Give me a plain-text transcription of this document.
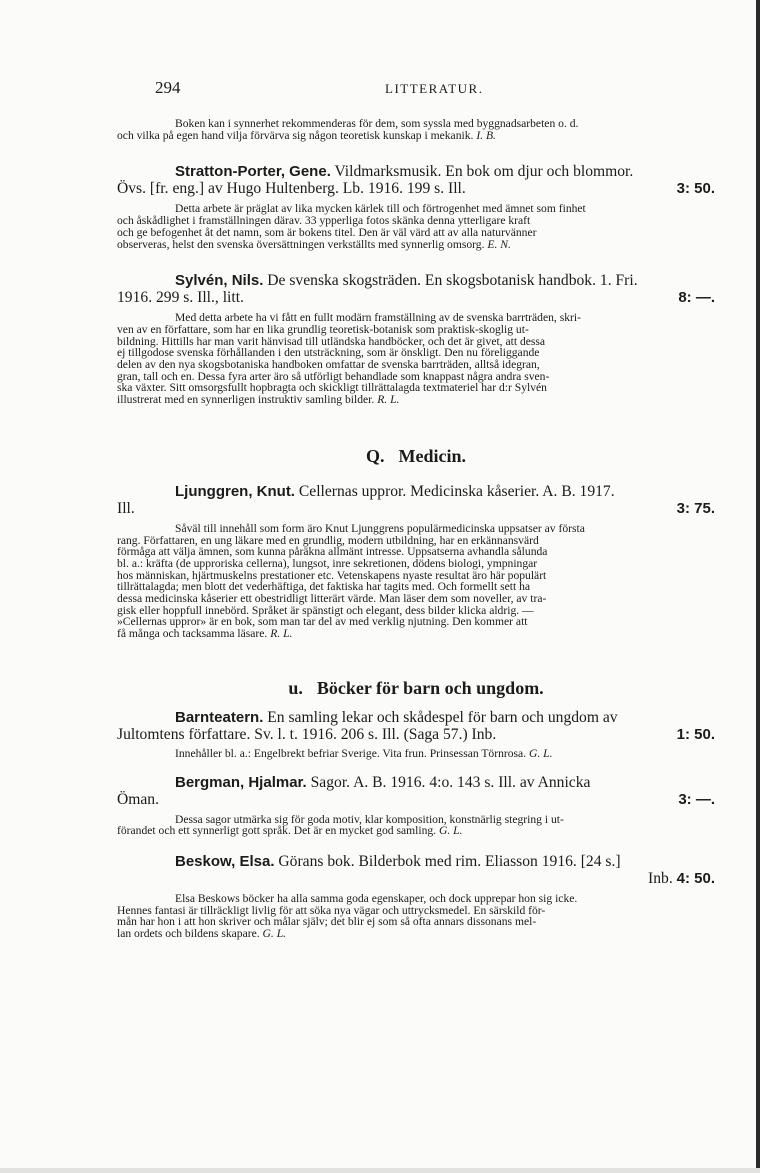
294	LITTERATUR.

Boken kan i synnerhet rekommenderas för dem, som syssla med byggnadsarbeten o. d.

och vilka på egen hand vilja förvärva sig någon teoretisk kunskap i mekanik. I. B.

Stratton-Porter, Gene. Vildmarksmusik. En bok om djur och blommor.

Övs. [fr. eng.] av Hugo Hultenberg. Lb. 1916. 199 s. Ill.	3: 50.

Detta arbete är präglat av lika mycken kärlek till och förtrogenhet med ämnet som finhet

och åskådlighet i framställningen därav. 33 ypperliga fotos skänka denna ytterligare kraft

och ge befogenhet åt det namn, som är bokens titel. Den är väl värd att av alla naturvänner

observeras, helst den svenska översättningen verkställts med synnerlig omsorg. E. N.

Sylvén, Nils. De svenska skogsträden. En skogsbotanisk handbok. 1. Fri.

1916. 299 s. Ill., litt.	8: —.

Med detta arbete ha vi fått en fullt modärn framställning av de svenska barrträden, skri-

ven av en författare, som har en lika grundlig teoretisk-botanisk som praktisk-skoglig ut-

bildning. Hittills har man varit hänvisad till utländska handböcker, och det är givet, att dessa

ej tillgodose svenska förhållanden i den utsträckning, som är önskligt. Den nu föreliggande

delen av den nya skogsbotaniska handboken omfattar de svenska barrträden, alltså idegran,

gran, tall och en. Dessa fyra arter äro så utförligt behandlade som knappast några andra sven-

ska växter. Sitt omsorgsfullt hopbragta och skickligt tillrättalagda textmateriel har d:r Sylvén

illustrerat med en synnerligen instruktiv samling bilder. R. L.

Q. Medicin.

Ljunggren, Knut. Cellernas uppror. Medicinska kåserier. A. B. 1917.

Ill.	3: 75.

Såväl till innehåll som form äro Knut Ljunggrens populärmedicinska uppsatser av första

rang. Författaren, en ung läkare med en grundlig, modern utbildning, har en erkännansvärd

förmåga att välja ämnen, som kunna påräkna allmänt intresse. Uppsatserna avhandla sålunda

bl. a.: kräfta (de upproriska cellerna), lungsot, inre sekretionen, dödens biologi, ympningar

hos människan, hjärtmuskelns prestationer etc. Vetenskapens nyaste resultat äro här populärt

tillrättalagda; men blott det vederhäftiga, det faktiska har tagits med. Och formellt sett ha

dessa medicinska kåserier ett obestridligt litterärt värde. Man läser dem som noveller, av tra-

gisk eller hoppfull innebörd. Språket är spänstigt och elegant, dess bilder klicka aldrig. —

»Cellernas uppror» är en bok, som man tar del av med verklig njutning. Den kommer att

få många och tacksamma läsare. R. L.

u. Böcker för barn och ungdom.

Barnteatern. En samling lekar och skådespel för barn och ungdom av

Jultomtens författare. Sv. l. t. 1916. 206 s. Ill. (Saga 57.) Inb.	1: 50.

Innehåller bl. a.: Engelbrekt befriar Sverige. Vita frun. Prinsessan Törnrosa. G. L.

Bergman, Hjalmar. Sagor. A. B. 1916. 4:o. 143 s. Ill. av Annicka

Öman.	3: —.

Dessa sagor utmärka sig för goda motiv, klar komposition, konstnärlig stegring i ut-

förandet och ett synnerligt gott språk. Det är en mycket god samling. G. L.

Beskow, Elsa. Görans bok. Bilderbok med rim. Eliasson 1916. [24 s.]

Inb. 4: 50.

Elsa Beskows böcker ha alla samma goda egenskaper, och dock upprepar hon sig icke.

Hennes fantasi är tillräckligt livlig för att söka nya vägar och uttrycksmedel. En särskild för-

mån har hon i att hon skriver och målar själv; det blir ej som så ofta annars dissonans mel-

lan ordets och bildens skapare. G. L.
